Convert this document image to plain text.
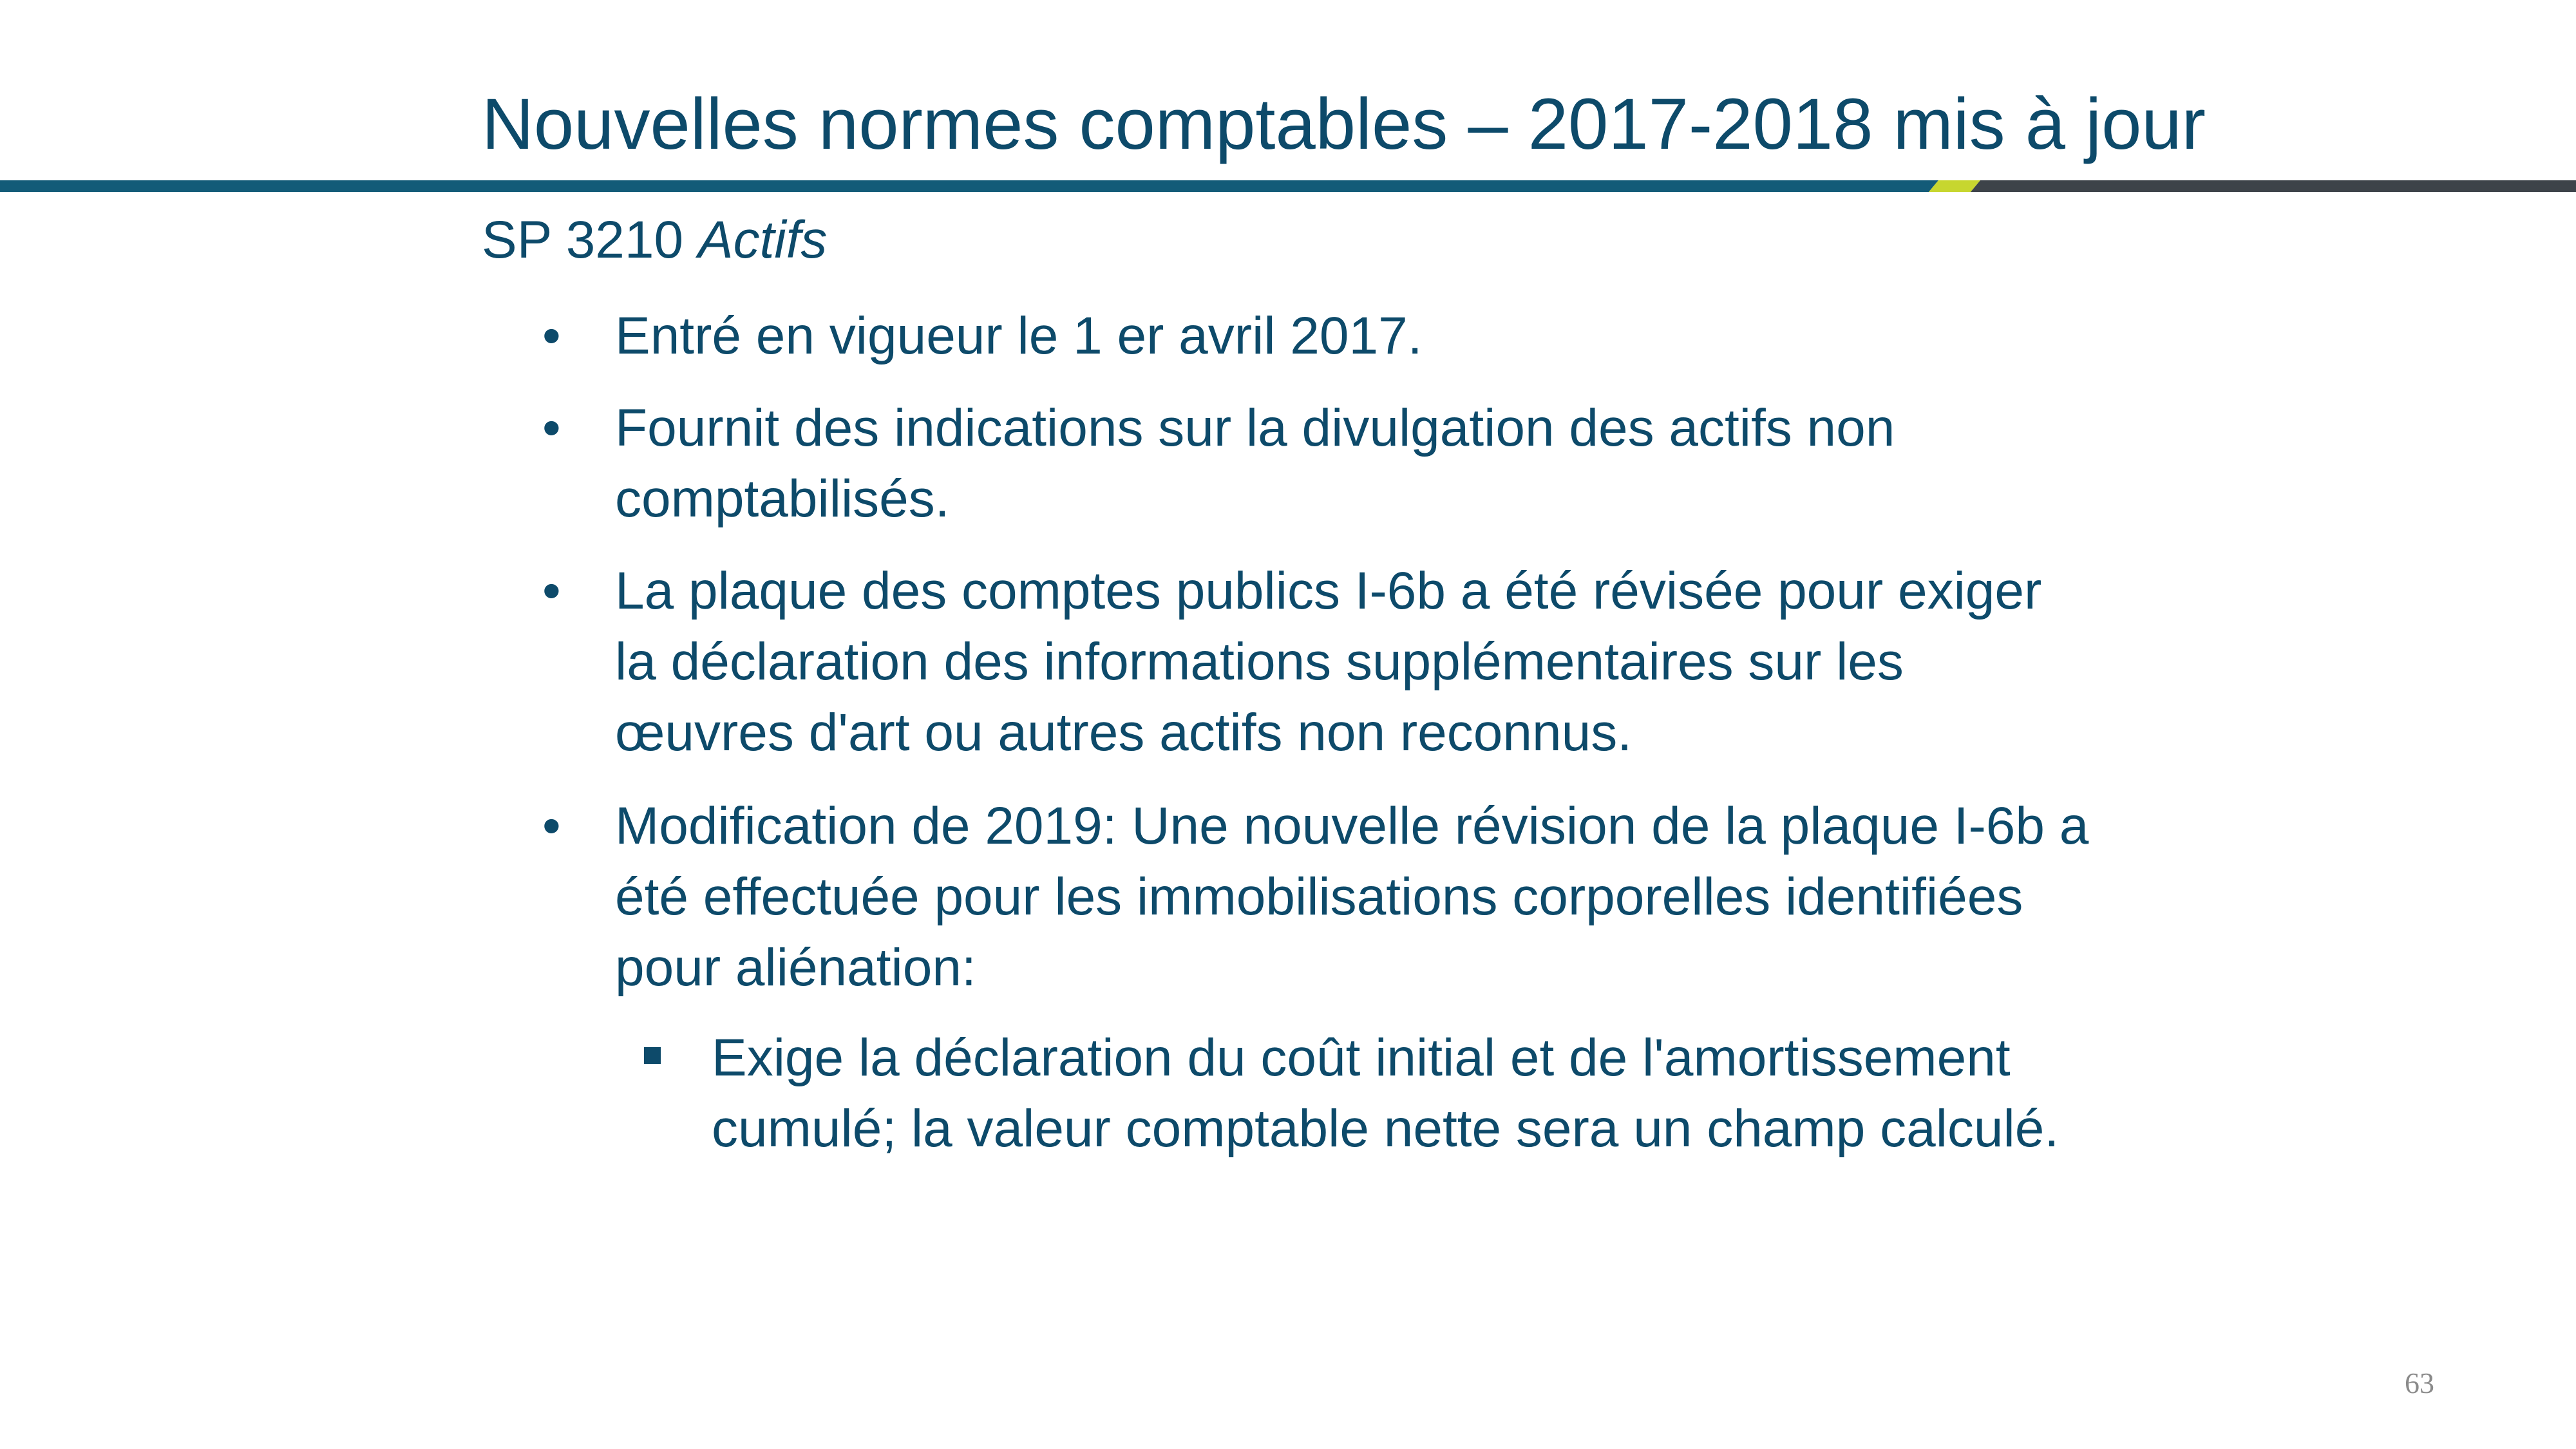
Nouvelles normes comptables – 2017-2018 mis à jour
SP 3210 Actifs
• Entré en vigueur le 1 er avril 2017.
• Fournit des indications sur la divulgation des actifs non comptabilisés.
• La plaque des comptes publics I-6b a été révisée pour exiger la déclaration des informations supplémentaires sur les œuvres d'art ou autres actifs non reconnus.
• Modification de 2019: Une nouvelle révision de la plaque I-6b a été effectuée pour les immobilisations corporelles identifiées pour aliénation:
Exige la déclaration du coût initial et de l'amortissement cumulé; la valeur comptable nette sera un champ calculé.
63
